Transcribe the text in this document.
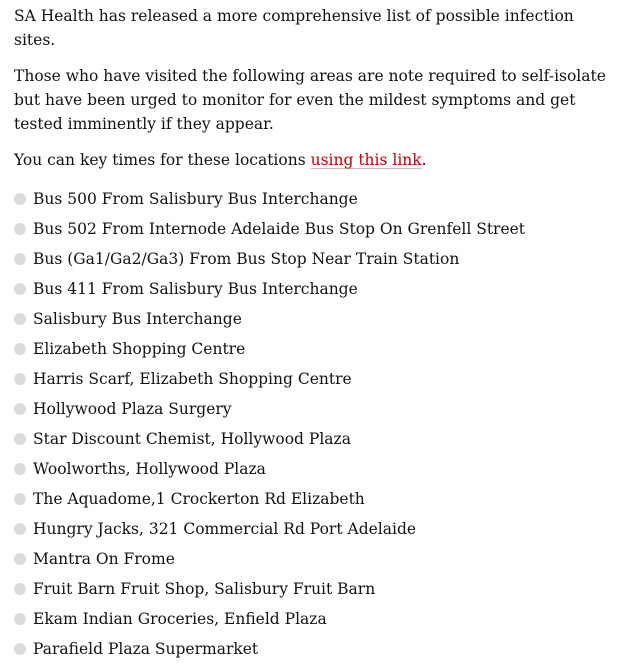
SA Health has released a more comprehensive list of possible infection sites.

Those who have visited the following areas are note required to self-isolate but have been urged to monitor for even the mildest symptoms and get tested imminently if they appear.

You can key times for these locations using this link.

Bus 500 From Salisbury Bus Interchange
Bus 502 From Internode Adelaide Bus Stop On Grenfell Street
Bus (Ga1/Ga2/Ga3) From Bus Stop Near Train Station
Bus 411 From Salisbury Bus Interchange
Salisbury Bus Interchange
Elizabeth Shopping Centre
Harris Scarf, Elizabeth Shopping Centre
Hollywood Plaza Surgery
Star Discount Chemist, Hollywood Plaza
Woolworths, Hollywood Plaza
The Aquadome,1 Crockerton Rd Elizabeth
Hungry Jacks, 321 Commercial Rd Port Adelaide
Mantra On Frome
Fruit Barn Fruit Shop, Salisbury Fruit Barn
Ekam Indian Groceries, Enfield Plaza
Parafield Plaza Supermarket
